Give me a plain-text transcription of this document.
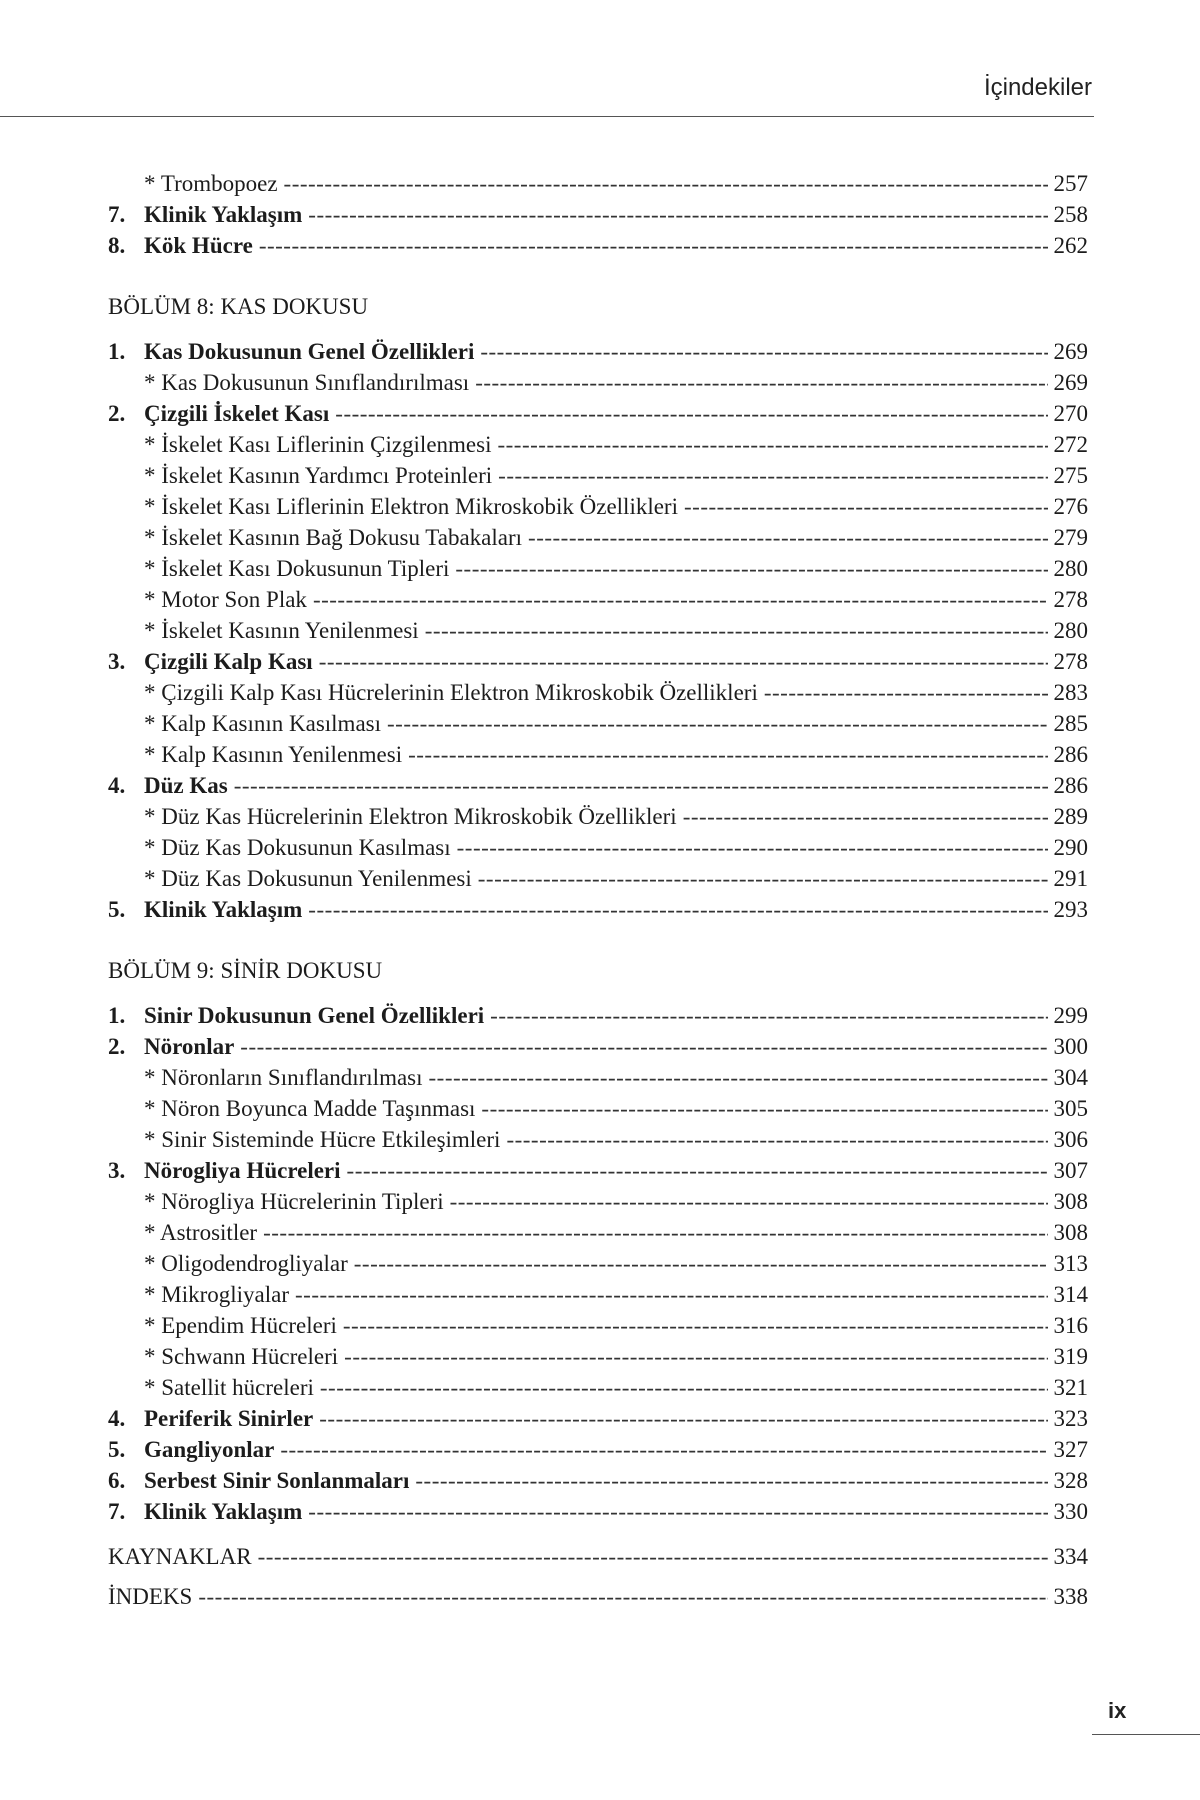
İçindekiler
* Trombopoez -----	257
7. Klinik Yaklaşım -----	258
8. Kök Hücre -----	262
BÖLÜM 8: KAS DOKUSU
1. Kas Dokusunun Genel Özellikleri -----	269
* Kas Dokusunun Sınıflandırılması -----	269
2. Çizgili İskelet Kası -----	270
* İskelet Kası Liflerinin Çizgilenmesi -----	272
* İskelet Kasının Yardımcı Proteinleri -----	275
* İskelet Kası Liflerinin Elektron Mikroskobik Özellikleri -----	276
* İskelet Kasının Bağ Dokusu Tabakaları -----	279
* İskelet Kası Dokusunun Tipleri -----	280
* Motor Son Plak -----	278
* İskelet Kasının Yenilenmesi -----	280
3. Çizgili Kalp Kası -----	278
* Çizgili Kalp Kası Hücrelerinin Elektron Mikroskobik Özellikleri -----	283
* Kalp Kasının Kasılması -----	285
* Kalp Kasının Yenilenmesi -----	286
4. Düz Kas -----	286
* Düz Kas Hücrelerinin Elektron Mikroskobik Özellikleri -----	289
* Düz Kas Dokusunun Kasılması -----	290
* Düz Kas Dokusunun Yenilenmesi -----	291
5. Klinik Yaklaşım -----	293
BÖLÜM 9: SİNİR DOKUSU
1. Sinir Dokusunun Genel Özellikleri -----	299
2. Nöronlar -----	300
* Nöronların Sınıflandırılması -----	304
* Nöron Boyunca Madde Taşınması -----	305
* Sinir Sisteminde Hücre Etkileşimleri -----	306
3. Nörogliya Hücreleri -----	307
* Nörogliya Hücrelerinin Tipleri -----	308
* Astrositler -----	308
* Oligodendrogliyalar -----	313
* Mikrogliyalar -----	314
* Ependim Hücreleri -----	316
* Schwann Hücreleri -----	319
* Satellit hücreleri -----	321
4. Periferik Sinirler -----	323
5. Gangliyonlar -----	327
6. Serbest Sinir Sonlanmaları -----	328
7. Klinik Yaklaşım -----	330
KAYNAKLAR -----	334
İNDEKS -----	338
ix
